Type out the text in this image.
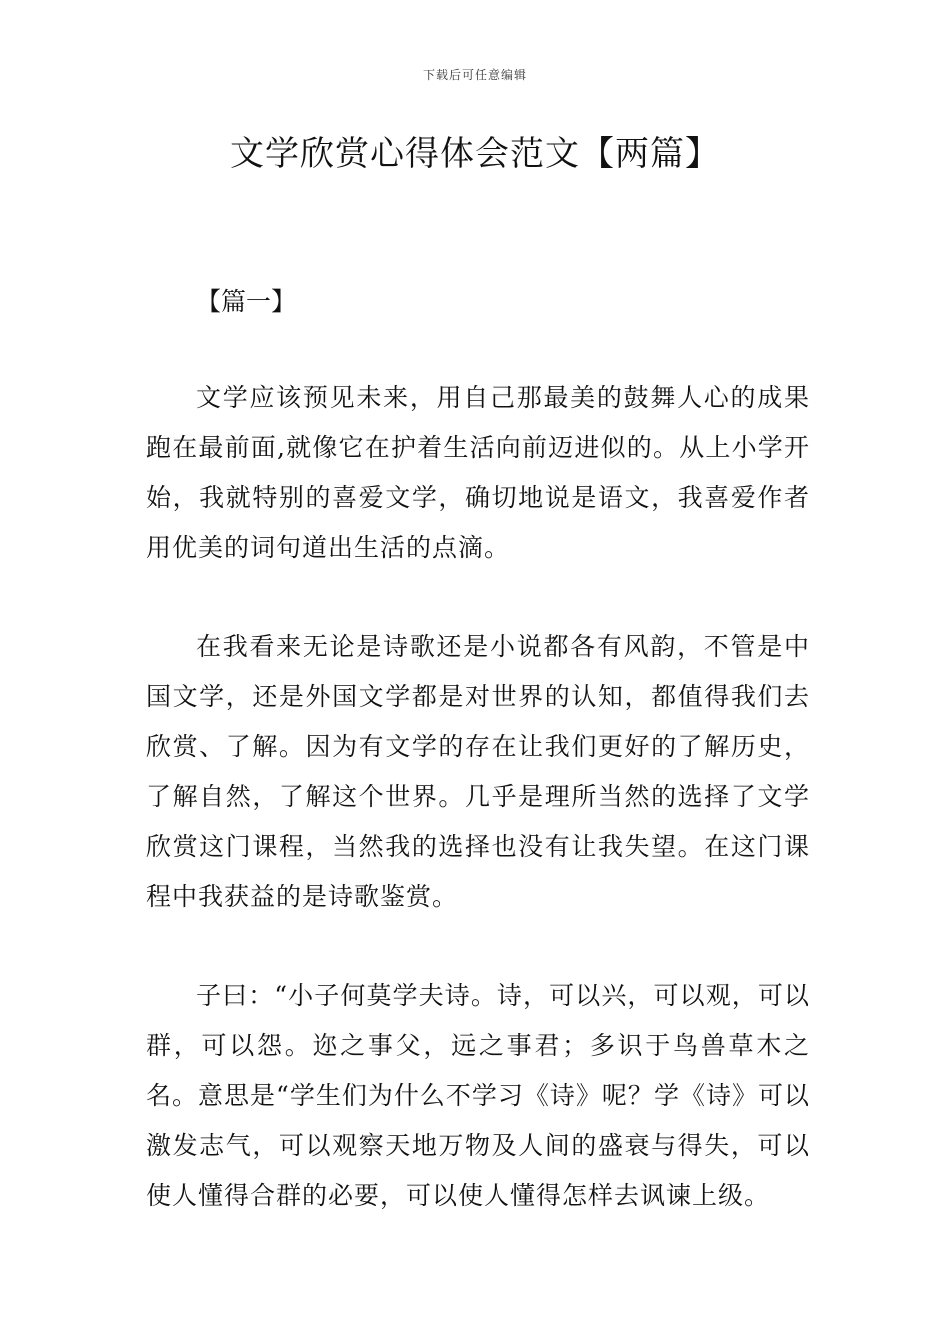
下载后可任意编辑
文学欣赏心得体会范文【两篇】
【篇一】

文学应该预见未来，用自己那最美的鼓舞人心的成果跑在最前面,就像它在护着生活向前迈进似的。从上小学开始，我就特别的喜爱文学，确切地说是语文，我喜爱作者用优美的词句道出生活的点滴。

在我看来无论是诗歌还是小说都各有风韵，不管是中国文学，还是外国文学都是对世界的认知，都值得我们去欣赏、了解。因为有文学的存在让我们更好的了解历史，了解自然，了解这个世界。几乎是理所当然的选择了文学欣赏这门课程，当然我的选择也没有让我失望。在这门课程中我获益的是诗歌鉴赏。

子曰：“小子何莫学夫诗。诗，可以兴，可以观，可以群，可以怨。迩之事父，远之事君；多识于鸟兽草木之名。意思是“学生们为什么不学习《诗》呢？学《诗》可以激发志气，可以观察天地万物及人间的盛衰与得失，可以使人懂得合群的必要，可以使人懂得怎样去讽谏上级。
